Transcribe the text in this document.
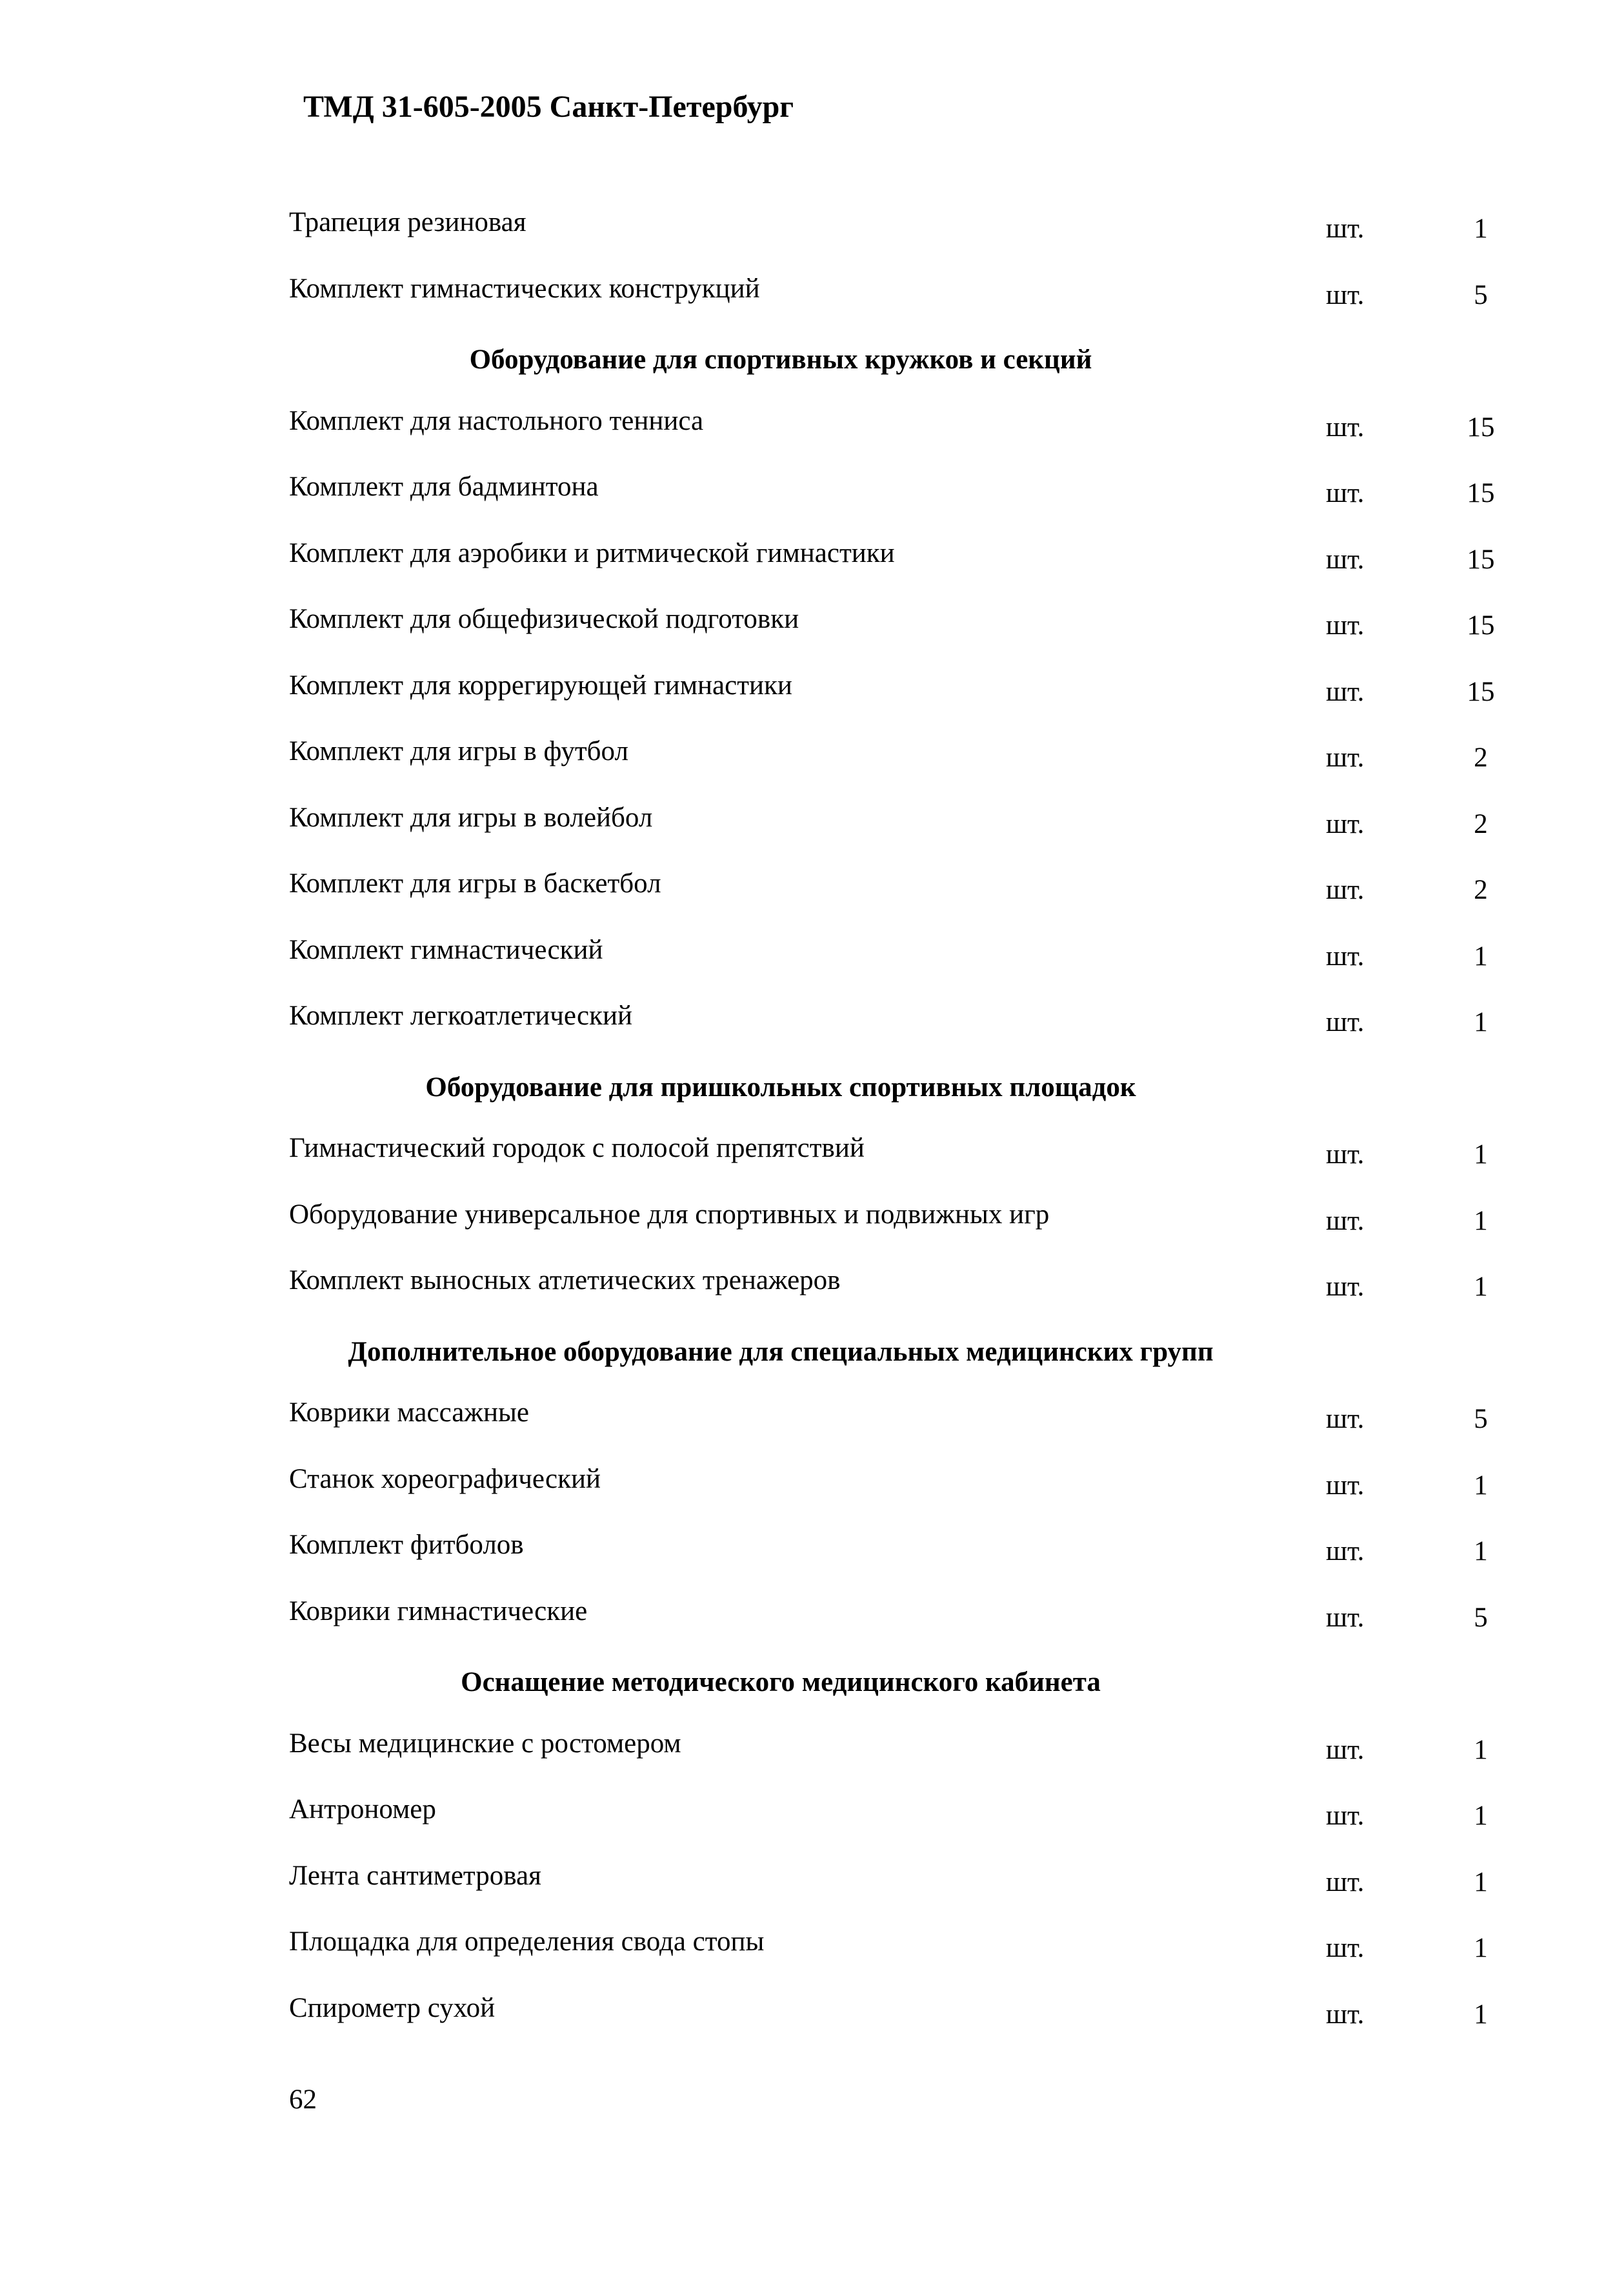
ТМД 31-605-2005 Санкт-Петербург
Трапеция резиновая	шт.	1
Комплект гимнастических конструкций	шт.	5
Оборудование для спортивных кружков и секций
Комплект для настольного тенниса	шт.	15
Комплект для бадминтона	шт.	15
Комплект для аэробики и ритмической гимнастики	шт.	15
Комплект для общефизической подготовки	шт.	15
Комплект для коррегирующей гимнастики	шт.	15
Комплект для игры в футбол	шт.	2
Комплект для игры в волейбол	шт.	2
Комплект для игры в баскетбол	шт.	2
Комплект гимнастический	шт.	1
Комплект легкоатлетический	шт.	1
Оборудование для пришкольных спортивных площадок
Гимнастический городок с полосой препятствий	шт.	1
Оборудование универсальное для спортивных и подвижных игр	шт.	1
Комплект выносных атлетических тренажеров	шт.	1
Дополнительное оборудование для специальных медицинских групп
Коврики массажные	шт.	5
Станок хореографический	шт.	1
Комплект фитболов	шт.	1
Коврики гимнастические	шт.	5
Оснащение методического медицинского кабинета
Весы медицинские с ростомером	шт.	1
Антрономер	шт.	1
Лента сантиметровая	шт.	1
Площадка для определения свода стопы	шт.	1
Спирометр сухой	шт.	1
62
